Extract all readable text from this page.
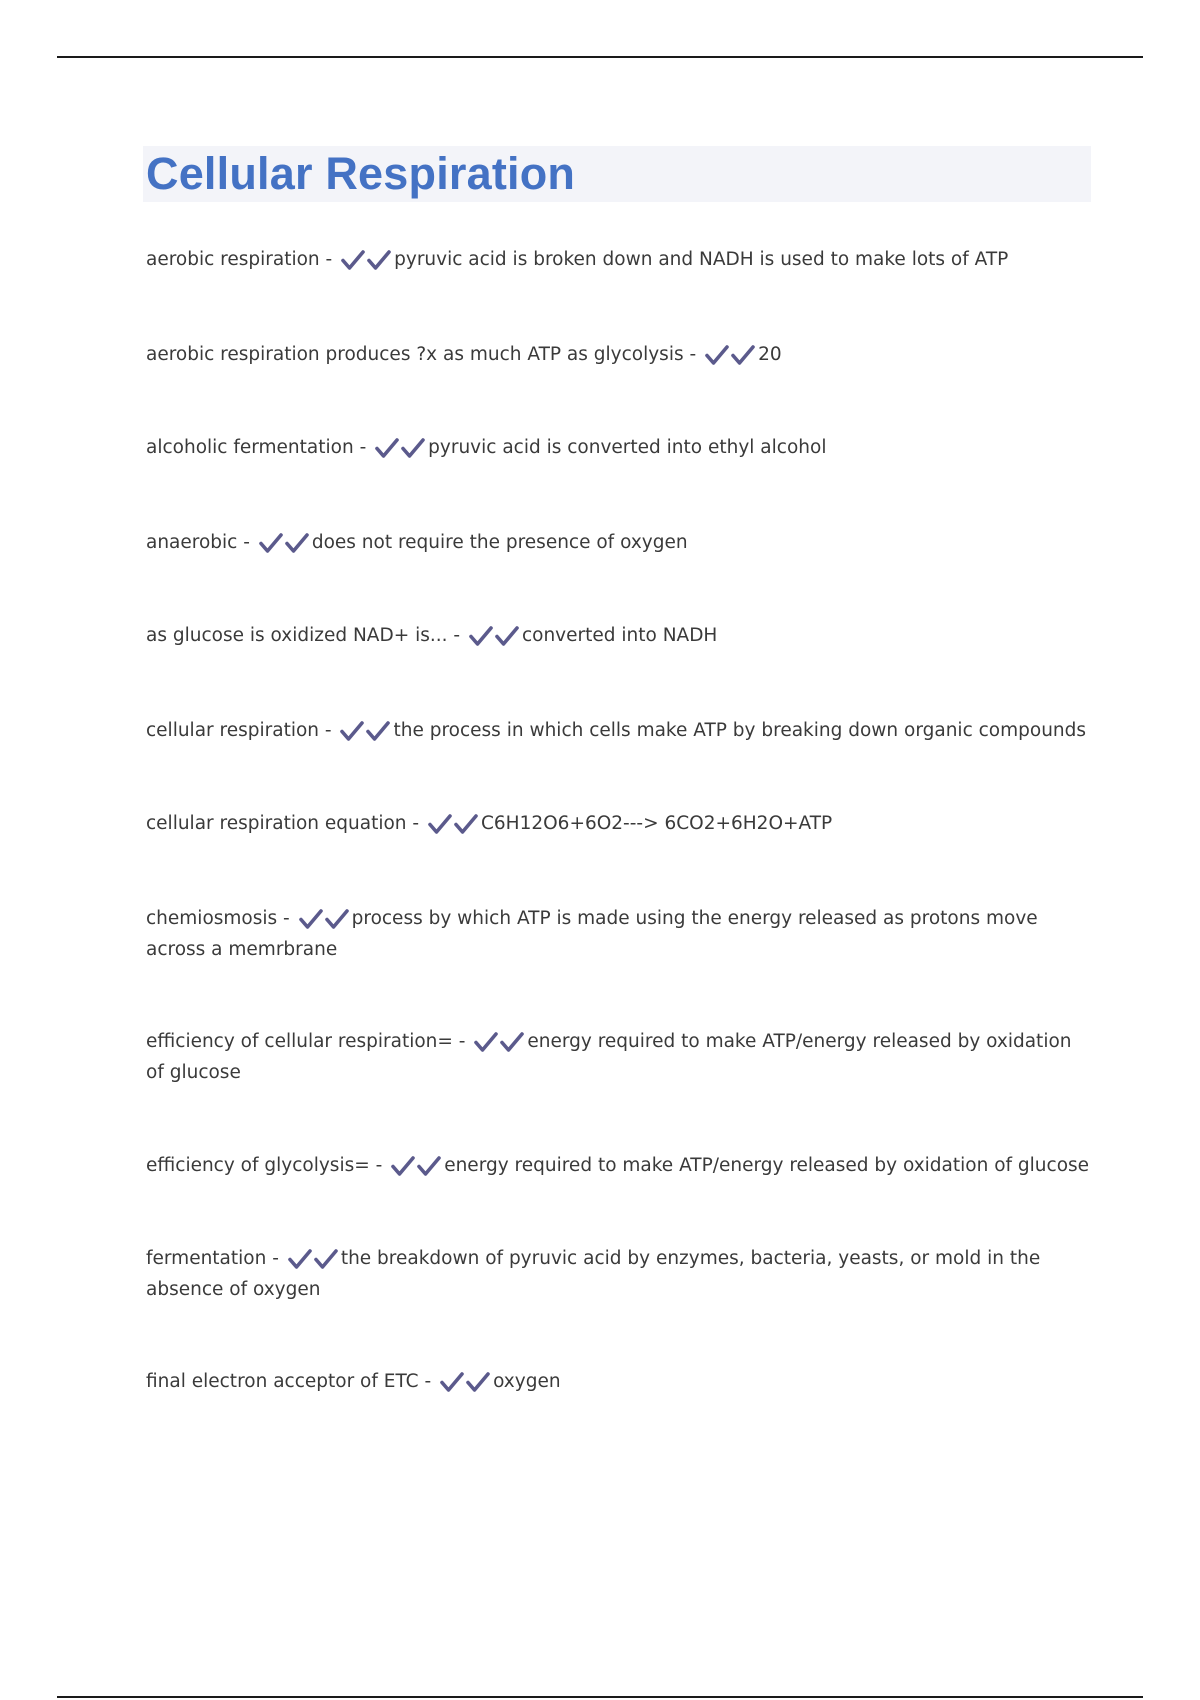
Cellular Respiration
aerobic respiration -	pyruvic acid is broken down and NADH is used to make lots of ATP
aerobic respiration produces ?x as much ATP as glycolysis -	20
alcoholic fermentation -	pyruvic acid is converted into ethyl alcohol
anaerobic -	does not require the presence of oxygen
as glucose is oxidized NAD+ is... -	converted into NADH
cellular respiration -	the process in which cells make ATP by breaking down organic compounds
cellular respiration equation -	C6H12O6+6O2---> 6CO2+6H2O+ATP
chemiosmosis -	process by which ATP is made using the energy released as protons move across a memrbrane
efficiency of cellular respiration= -	energy required to make ATP/energy released by oxidation of glucose
efficiency of glycolysis= -	energy required to make ATP/energy released by oxidation of glucose
fermentation -	the breakdown of pyruvic acid by enzymes, bacteria, yeasts, or mold in the absence of oxygen
final electron acceptor of ETC -	oxygen
